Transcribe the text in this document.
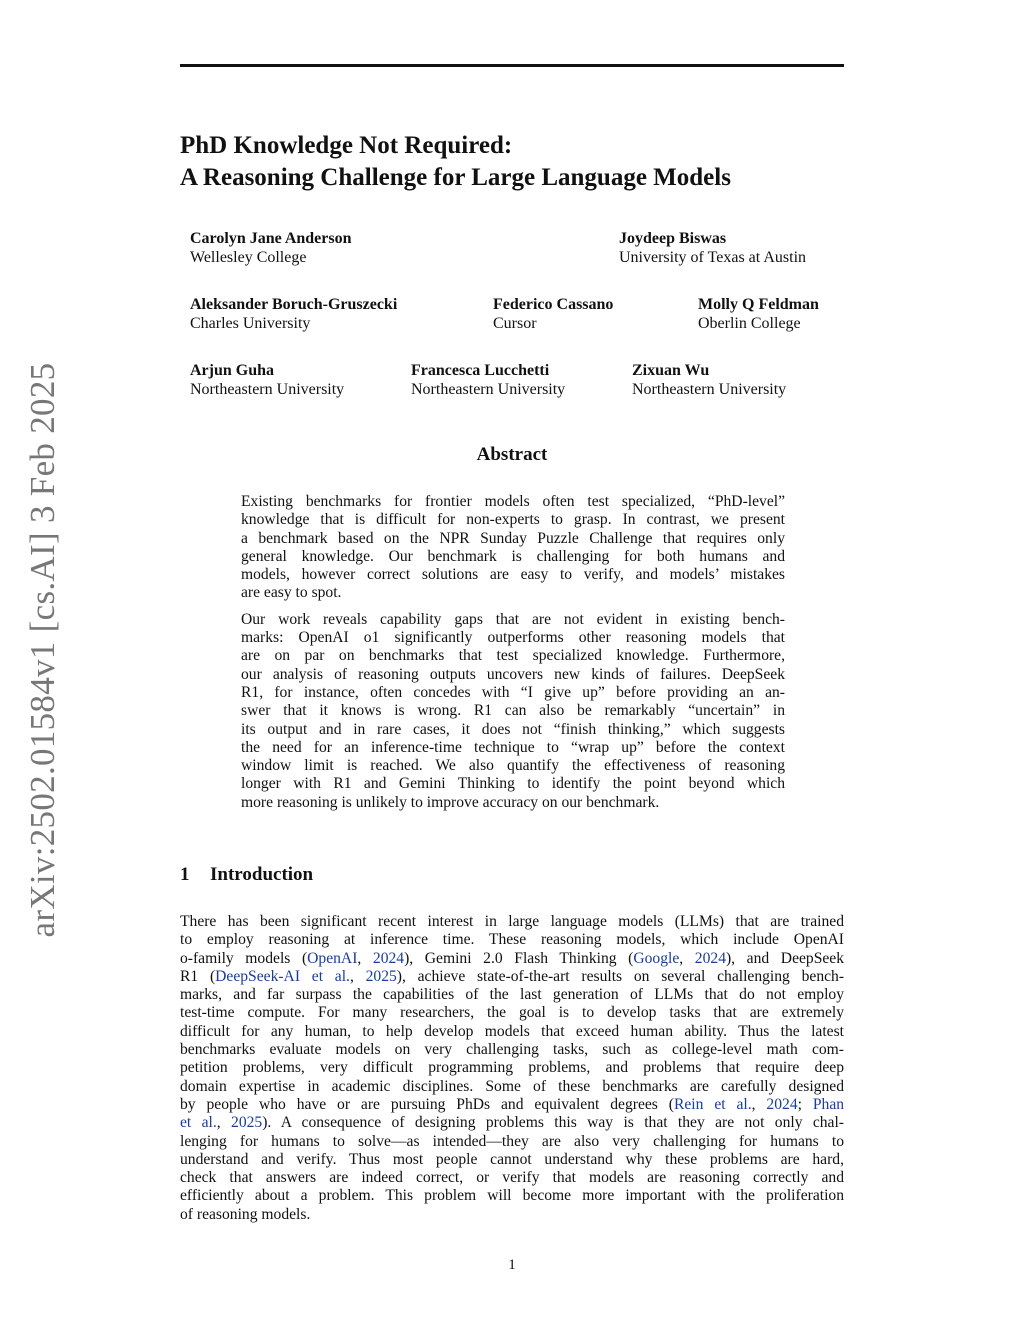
arXiv:2502.01584v1 [cs.AI] 3 Feb 2025
PhD Knowledge Not Required:
A Reasoning Challenge for Large Language Models
Carolyn Jane Anderson
Wellesley College
Joydeep Biswas
University of Texas at Austin
Aleksander Boruch-Gruszecki
Charles University
Federico Cassano
Cursor
Molly Q Feldman
Oberlin College
Arjun Guha
Northeastern University
Francesca Lucchetti
Northeastern University
Zixuan Wu
Northeastern University
Abstract

Existing benchmarks for frontier models often test specialized, “PhD-level”
knowledge that is difficult for non-experts to grasp. In contrast, we present
a benchmark based on the NPR Sunday Puzzle Challenge that requires only
general knowledge. Our benchmark is challenging for both humans and
models, however correct solutions are easy to verify, and models’ mistakes
are easy to spot.

Our work reveals capability gaps that are not evident in existing bench-
marks: OpenAI o1 significantly outperforms other reasoning models that
are on par on benchmarks that test specialized knowledge. Furthermore,
our analysis of reasoning outputs uncovers new kinds of failures. DeepSeek
R1, for instance, often concedes with “I give up” before providing an an-
swer that it knows is wrong. R1 can also be remarkably “uncertain” in
its output and in rare cases, it does not “finish thinking,” which suggests
the need for an inference-time technique to “wrap up” before the context
window limit is reached. We also quantify the effectiveness of reasoning
longer with R1 and Gemini Thinking to identify the point beyond which
more reasoning is unlikely to improve accuracy on our benchmark.

1 Introduction
There has been significant recent interest in large language models (LLMs) that are trained
to employ reasoning at inference time. These reasoning models, which include OpenAI
o-family models (OpenAI, 2024), Gemini 2.0 Flash Thinking (Google, 2024), and DeepSeek
R1 (DeepSeek-AI et al., 2025), achieve state-of-the-art results on several challenging bench-
marks, and far surpass the capabilities of the last generation of LLMs that do not employ
test-time compute. For many researchers, the goal is to develop tasks that are extremely
difficult for any human, to help develop models that exceed human ability. Thus the latest
benchmarks evaluate models on very challenging tasks, such as college-level math com-
petition problems, very difficult programming problems, and problems that require deep
domain expertise in academic disciplines. Some of these benchmarks are carefully designed
by people who have or are pursuing PhDs and equivalent degrees (Rein et al., 2024; Phan
et al., 2025). A consequence of designing problems this way is that they are not only chal-
lenging for humans to solve—as intended—they are also very challenging for humans to
understand and verify. Thus most people cannot understand why these problems are hard,
check that answers are indeed correct, or verify that models are reasoning correctly and
efficiently about a problem. This problem will become more important with the proliferation
of reasoning models.
1
